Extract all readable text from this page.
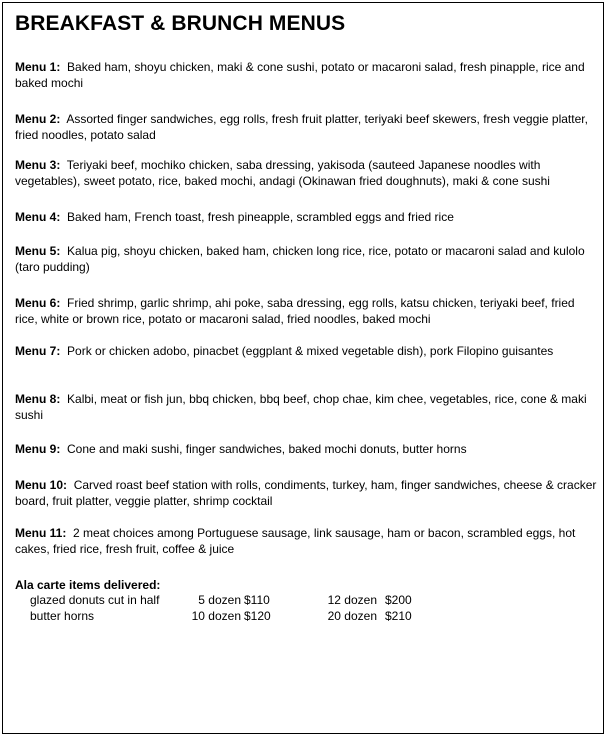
BREAKFAST & BRUNCH MENUS
Menu 1: Baked ham, shoyu chicken, maki & cone sushi, potato or macaroni salad, fresh pinapple, rice and baked mochi
Menu 2: Assorted finger sandwiches, egg rolls, fresh fruit platter, teriyaki beef skewers, fresh veggie platter, fried noodles, potato salad
Menu 3: Teriyaki beef, mochiko chicken, saba dressing, yakisoda (sauteed Japanese noodles with vegetables), sweet potato, rice, baked mochi, andagi (Okinawan fried doughnuts), maki & cone sushi
Menu 4: Baked ham, French toast, fresh pineapple, scrambled eggs and fried rice
Menu 5: Kalua pig, shoyu chicken, baked ham, chicken long rice, rice, potato or macaroni salad and kulolo (taro pudding)
Menu 6: Fried shrimp, garlic shrimp, ahi poke, saba dressing, egg rolls, katsu chicken, teriyaki beef, fried rice, white or brown rice, potato or macaroni salad, fried noodles, baked mochi
Menu 7: Pork or chicken adobo, pinacbet (eggplant & mixed vegetable dish), pork Filopino guisantes
Menu 8: Kalbi, meat or fish jun, bbq chicken, bbq beef, chop chae, kim chee, vegetables, rice, cone & maki sushi
Menu 9: Cone and maki sushi, finger sandwiches, baked mochi donuts, butter horns
Menu 10: Carved roast beef station with rolls, condiments, turkey, ham, finger sandwiches, cheese & cracker board, fruit platter, veggie platter, shrimp cocktail
Menu 11: 2 meat choices among Portuguese sausage, link sausage, ham or bacon, scrambled eggs, hot cakes, fried rice, fresh fruit, coffee & juice
Ala carte items delivered:
glazed donuts cut in half	5 dozen $110	12 dozen $200
butter horns	10 dozen $120	20 dozen $210
